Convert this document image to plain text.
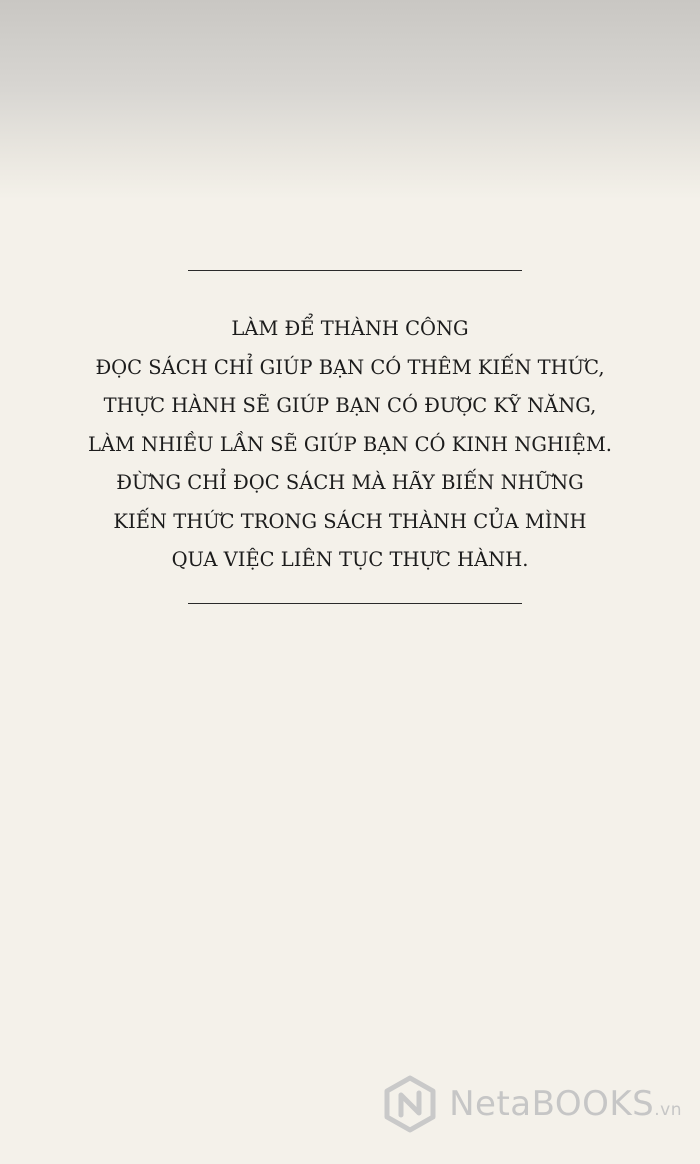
LÀM ĐỂ THÀNH CÔNG
ĐỌC SÁCH CHỈ GIÚP BẠN CÓ THÊM KIẾN THỨC,
THỰC HÀNH SẼ GIÚP BẠN CÓ ĐƯỢC KỸ NĂNG,
LÀM NHIỀU LẦN SẼ GIÚP BẠN CÓ KINH NGHIỆM.
ĐỪNG CHỈ ĐỌC SÁCH MÀ HÃY BIẾN NHỮNG
KIẾN THỨC TRONG SÁCH THÀNH CỦA MÌNH
QUA VIỆC LIÊN TỤC THỰC HÀNH.
NetaBOOKS.vn
